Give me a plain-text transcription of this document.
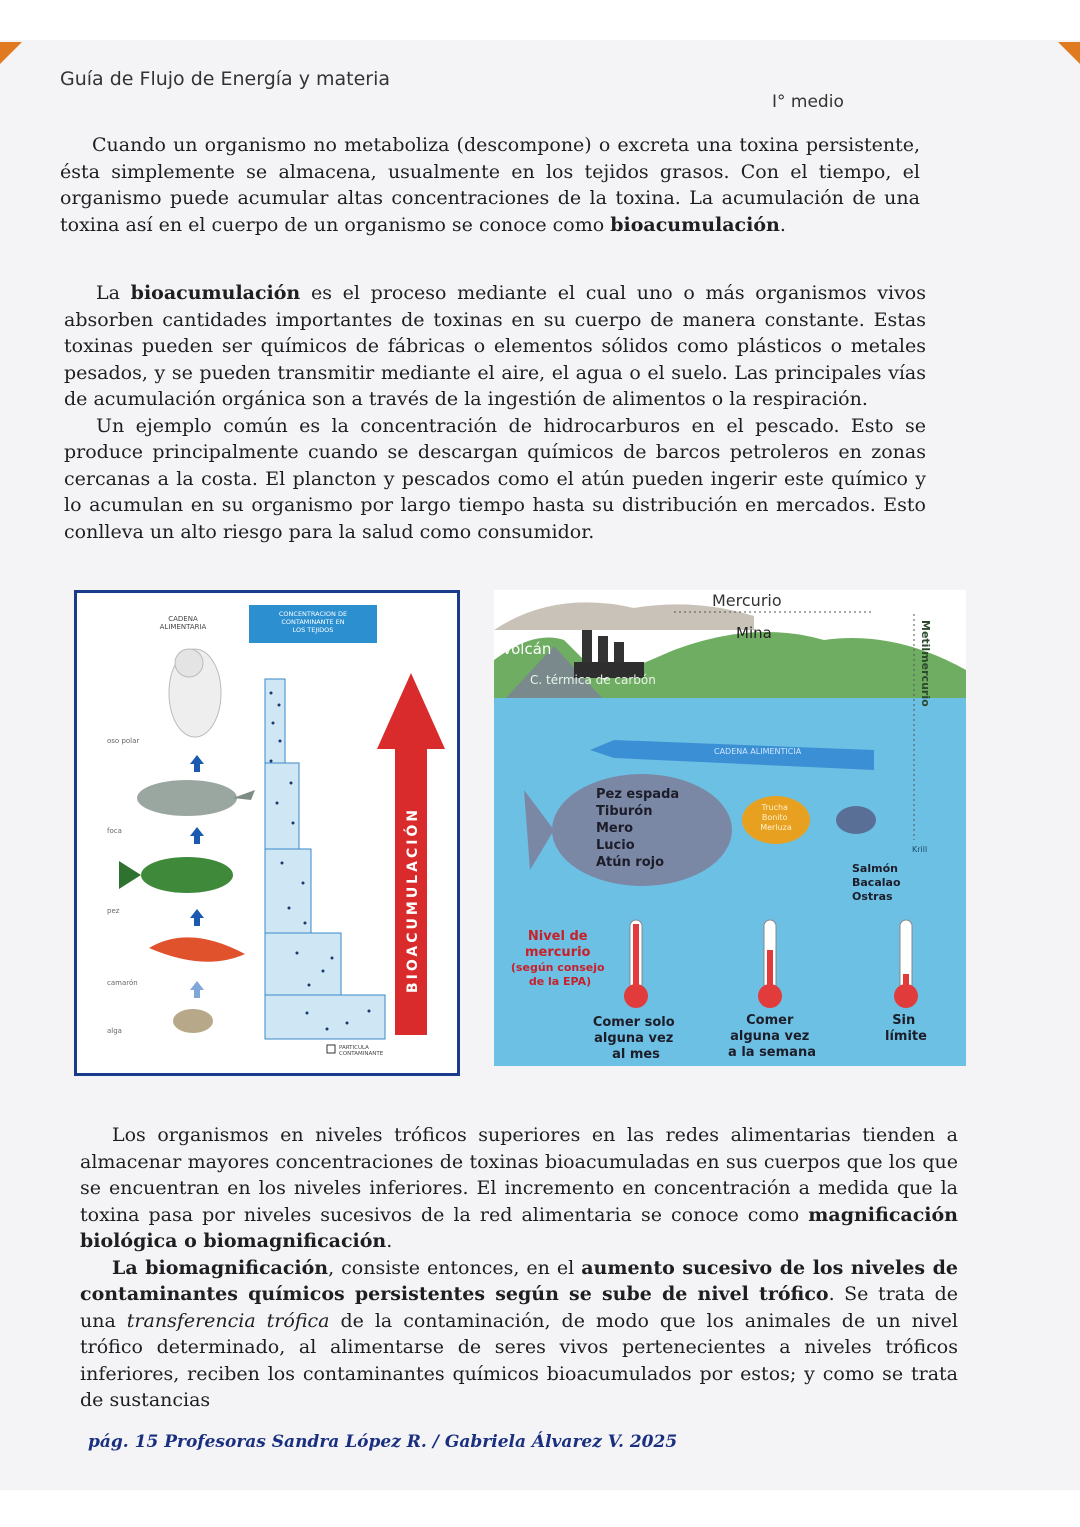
Guía de Flujo de Energía y materia
I° medio

Cuando un organismo no metaboliza (descompone) o excreta una toxina persistente, ésta simplemente se almacena, usualmente en los tejidos grasos. Con el tiempo, el organismo puede acumular altas concentraciones de la toxina. La acumulación de una toxina así en el cuerpo de un organismo se conoce como bioacumulación.

La bioacumulación es el proceso mediante el cual uno o más organismos vivos absorben cantidades importantes de toxinas en su cuerpo de manera constante. Estas toxinas pueden ser químicos de fábricas o elementos sólidos como plásticos o metales pesados, y se pueden transmitir mediante el aire, el agua o el suelo. Las principales vías de acumulación orgánica son a través de la ingestión de alimentos o la respiración.

Un ejemplo común es la concentración de hidrocarburos en el pescado. Esto se produce principalmente cuando se descargan químicos de barcos petroleros en zonas cercanas a la costa. El plancton y pescados como el atún pueden ingerir este químico y lo acumulan en su organismo por largo tiempo hasta su distribución en mercados. Esto conlleva un alto riesgo para la salud como consumidor.

CADENA ALIMENTARIA
CONCENTRACION DE CONTAMINANTE EN LOS TEJIDOS
oso polar
foca
pez
camarón
alga
BIOACUMULACIÓN
PARTICULA CONTAMINANTE
Volcán
C. térmica de carbón
Mercurio
Mina	Metilmercurio
CADENA ALIMENTICIA
Pez espada Tiburón Mero Lucio Atún rojo
Trucha Bonito Merluza
Krill
Salmón Bacalao Ostras
Nivel de mercurio (según consejo de la EPA)
Comer solo alguna vez al mes
Comer alguna vez a la semana
Sin límite

Los organismos en niveles tróficos superiores en las redes alimentarias tienden a almacenar mayores concentraciones de toxinas bioacumuladas en sus cuerpos que los que se encuentran en los niveles inferiores. El incremento en concentración a medida que la toxina pasa por niveles sucesivos de la red alimentaria se conoce como magnificación biológica o biomagnificación.

La biomagnificación, consiste entonces, en el aumento sucesivo de los niveles de contaminantes químicos persistentes según se sube de nivel trófico. Se trata de una transferencia trófica de la contaminación, de modo que los animales de un nivel trófico determinado, al alimentarse de seres vivos pertenecientes a niveles tróficos inferiores, reciben los contaminantes químicos bioacumulados por estos; y como se trata de sustancias

pág. 15 Profesoras Sandra López R. / Gabriela Álvarez V. 2025
